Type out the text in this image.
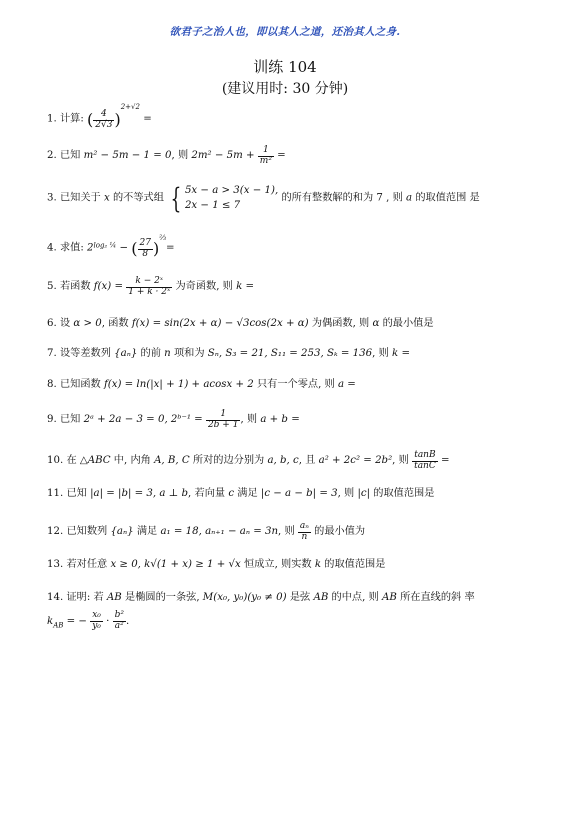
欲君子之治人也，即以其人之道，还治其人之身.
训练 104
(建议用时: 30 分钟)
1. 计算: ( $\frac{4}{2√3} )^{2+√2}$ =
2. 已知 m² − 5m − 1 = 0, 则 $2m^2 - 5m + \frac{1}{\text{m²}}$ =
3. 已知关于 x 的不等式组 { 5x − a > 3(x − 1),
2x − 1 ≤ 7
的所有整数解的和为 7 , 则 a 的取值范围 是
4. 求值: $2^{log_2 \frac{1}{4}}$ − ( $\frac{27}{8} )^{\frac{2}{3}}=$
5. 若函数 $f(x) = \frac{\text{k − 2ˣ}}{\text{1 + k · 2ˣ}}$ 为奇函数, 则 k =
6. 设 α > 0, 函数 f(x) = sin(2x + α) − √3cos(2x + α) 为偶函数, 则 α 的最小值是
7. 设等差数列 {aₙ} 的前 n 项和为 Sₙ, S₃ = 21, S₁₁ = 253, Sₖ = 136, 则 k =
8. 已知函数 f(x) = ln(|x| + 1) + acosx + 2 只有一个零点, 则 a =
9. 已知 2ᵃ + 2a − 3 = 0, 2ᵇ⁻¹ = $\frac{1}{2b + 1}$ , 则 a + b =
10. 在 △ABC 中, 内角 A, B, C 所对的边分别为 a, b, c, 且 a² + 2c² = 2b², 则 $\frac{\tan B}{\tan C}$ =
11. 已知 |a| = |b| = 3, a ⊥ b, 若向量 c 满足 |c − a − b| = 3, 则 |c| 的取值范围是
12. 已知数列 {aₙ} 满足 a₁ = 18, aₙ₊₁ − aₙ = 3n, 则 $\frac{\text{aₙ}}{n}$ 的最小值为
13. 若对任意 x ≥ 0, k√(1 + x) ≥ 1 + √x 恒成立, 则实数 k 的取值范围是
14. 证明: 若 AB 是椭圆的一条弦, M(x₀, y₀)(y₀ ≠ 0) 是弦 AB 的中点, 则 AB 所在直线的斜 率
$k_{AB}$ = − $\frac{\text{x₀}}{\text{y₀}} \cdot \frac{\text{b²}}{\text{a²}}$ .
